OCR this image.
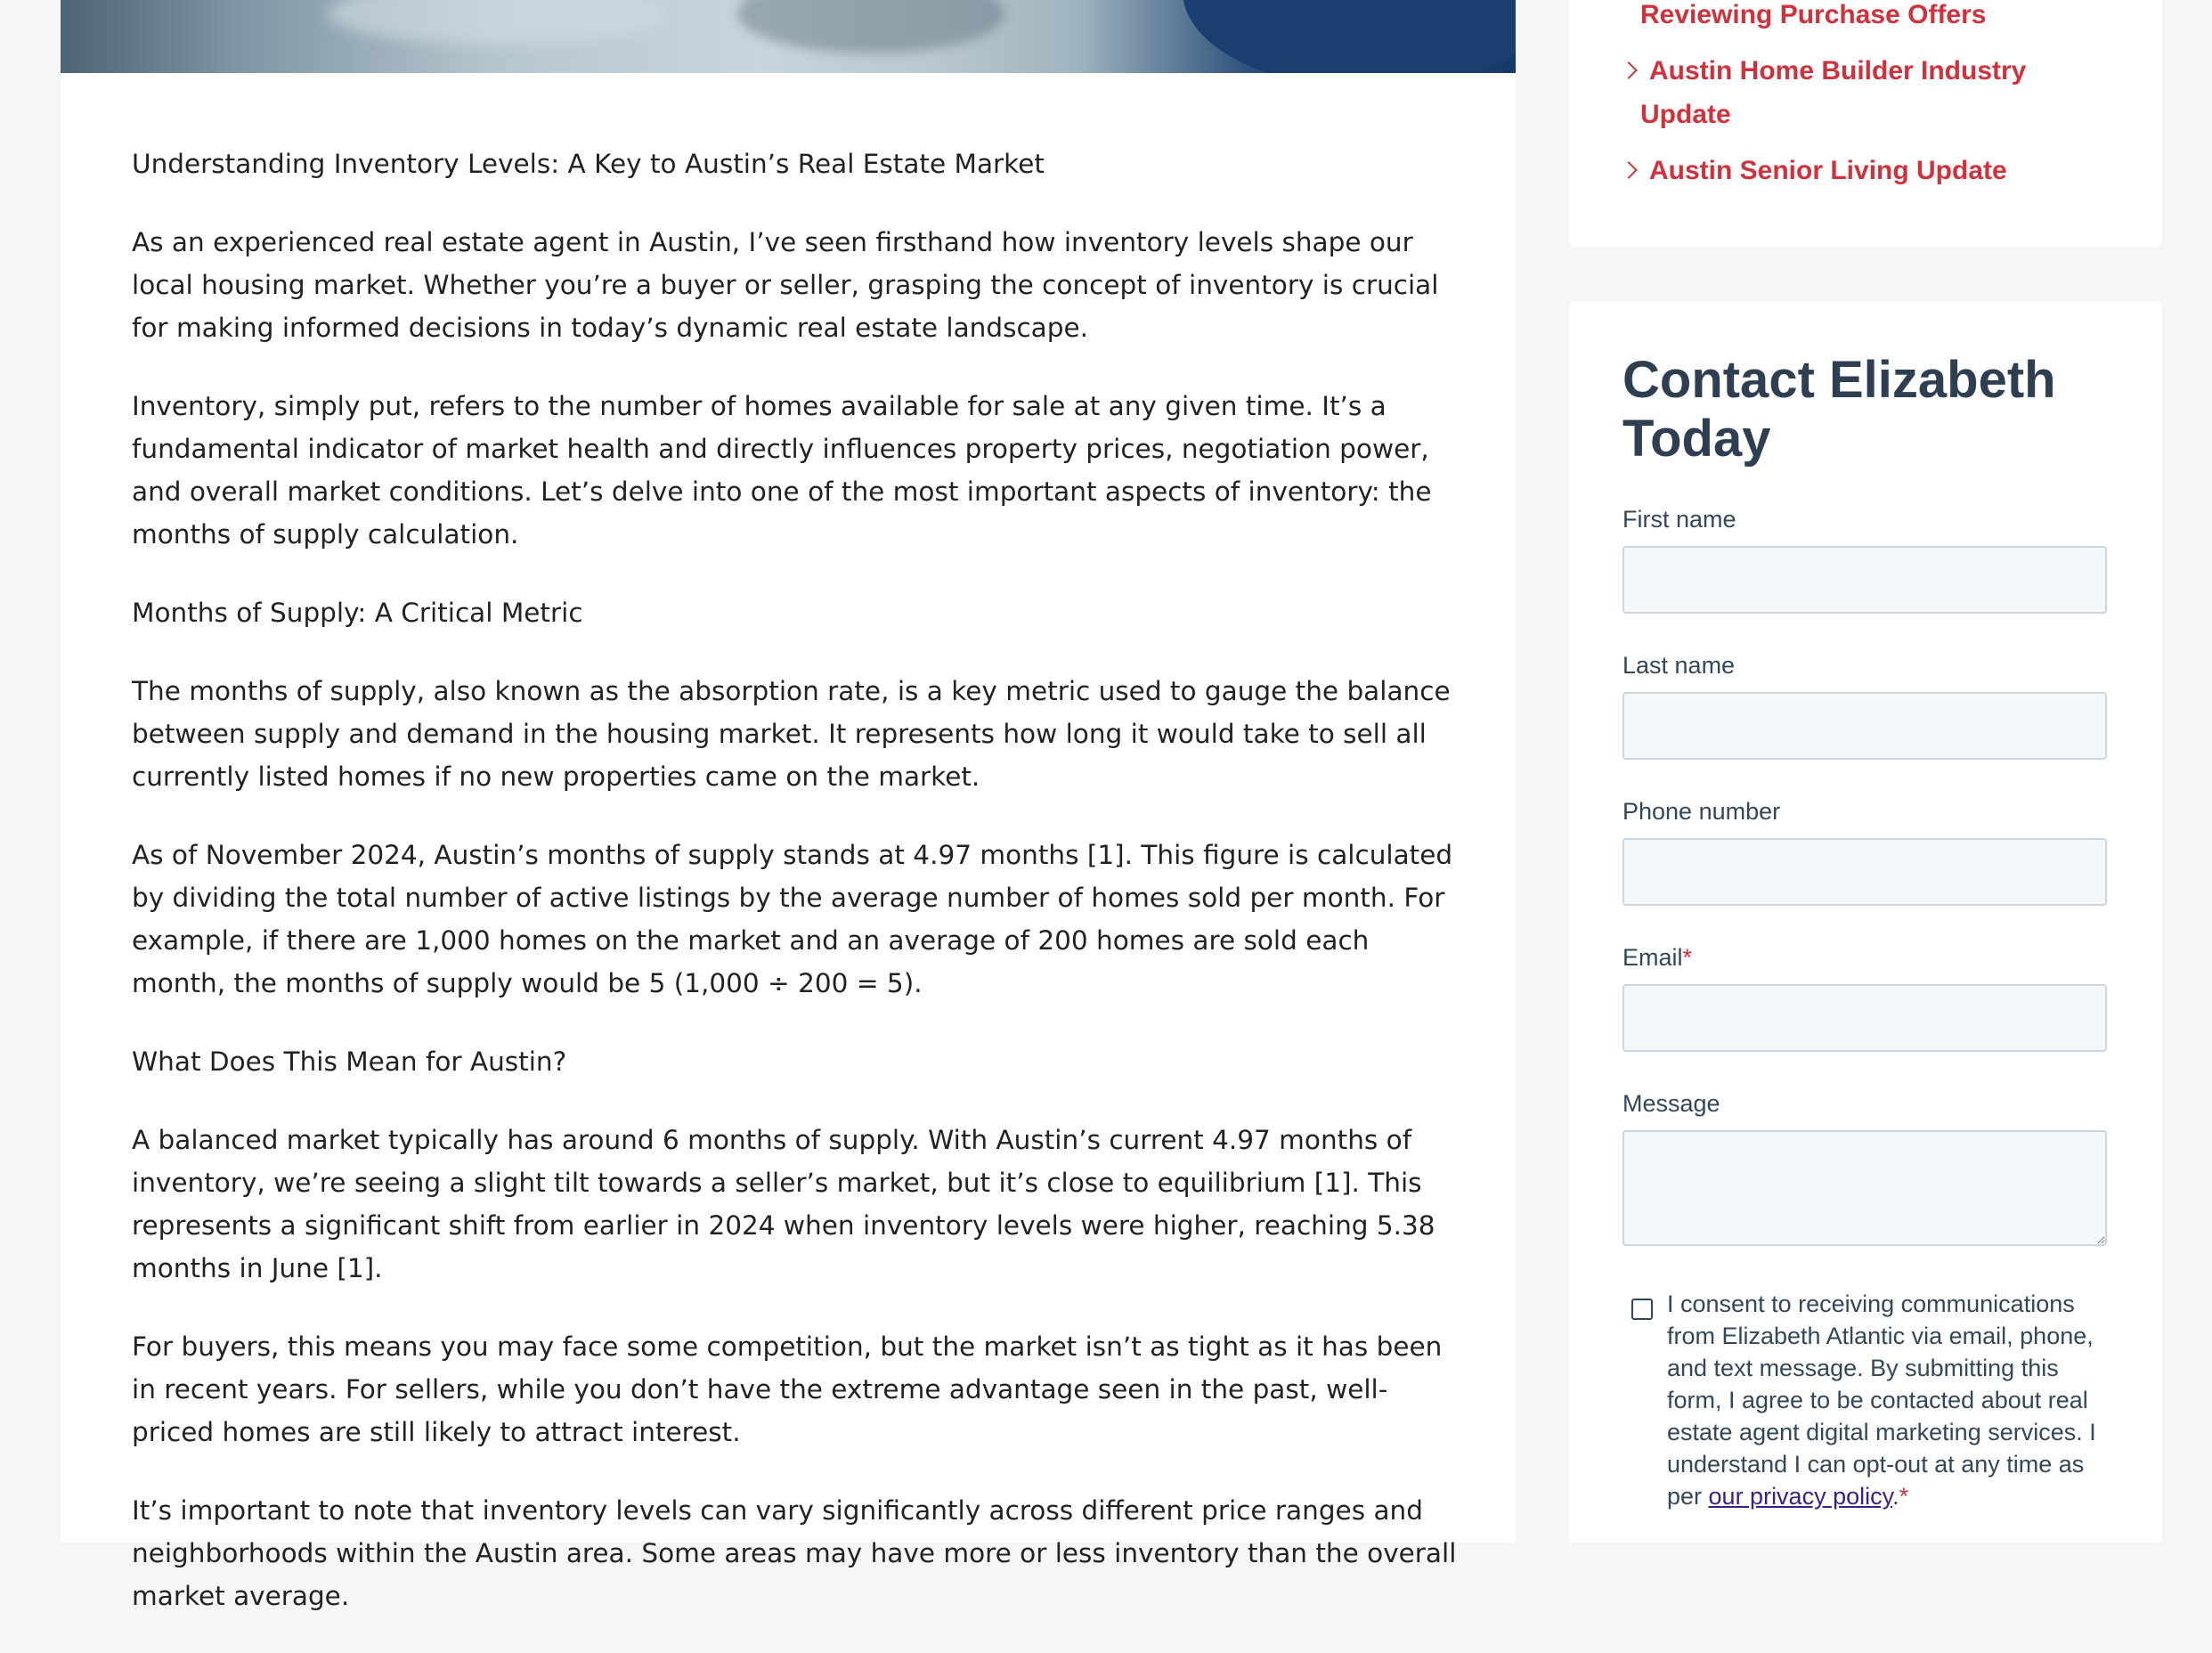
Understanding Inventory Levels: A Key to Austin’s Real Estate Market

As an experienced real estate agent in Austin, I’ve seen firsthand how inventory levels shape our local housing market. Whether you’re a buyer or seller, grasping the concept of inventory is crucial for making informed decisions in today’s dynamic real estate landscape.

Inventory, simply put, refers to the number of homes available for sale at any given time. It’s a fundamental indicator of market health and directly influences property prices, negotiation power, and overall market conditions. Let’s delve into one of the most important aspects of inventory: the months of supply calculation.

Months of Supply: A Critical Metric

The months of supply, also known as the absorption rate, is a key metric used to gauge the balance between supply and demand in the housing market. It represents how long it would take to sell all currently listed homes if no new properties came on the market.

As of November 2024, Austin’s months of supply stands at 4.97 months [1]. This figure is calculated by dividing the total number of active listings by the average number of homes sold per month. For example, if there are 1,000 homes on the market and an average of 200 homes are sold each month, the months of supply would be 5 (1,000 ÷ 200 = 5).

What Does This Mean for Austin?

A balanced market typically has around 6 months of supply. With Austin’s current 4.97 months of inventory, we’re seeing a slight tilt towards a seller’s market, but it’s close to equilibrium [1]. This represents a significant shift from earlier in 2024 when inventory levels were higher, reaching 5.38 months in June [1].

For buyers, this means you may face some competition, but the market isn’t as tight as it has been in recent years. For sellers, while you don’t have the extreme advantage seen in the past, well-priced homes are still likely to attract interest.

It’s important to note that inventory levels can vary significantly across different price ranges and neighborhoods within the Austin area. Some areas may have more or less inventory than the overall market average.

Reviewing Purchase Offers
Austin Home Builder Industry Update
Austin Senior Living Update
Contact Elizabeth Today
First name
Last name
Phone number
Email*
Message
I consent to receiving communications from Elizabeth Atlantic via email, phone, and text message. By submitting this form, I agree to be contacted about real estate agent digital marketing services. I understand I can opt-out at any time as per our privacy policy.*
